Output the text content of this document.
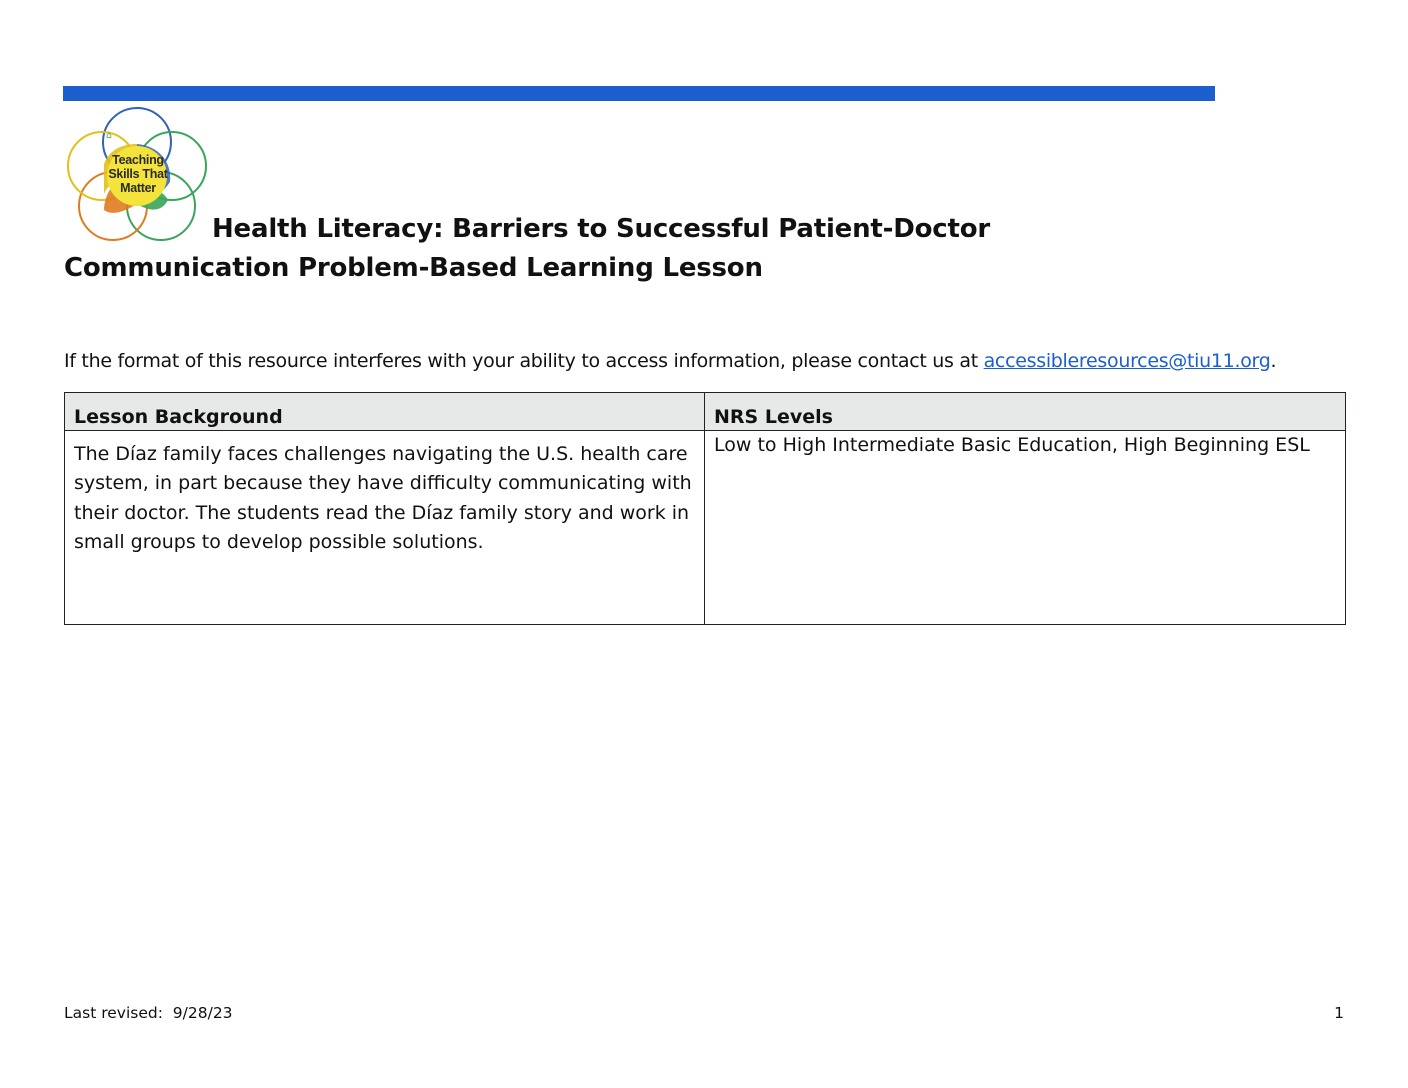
⌂
Teaching
Skills That
Matter
Health Literacy: Barriers to Successful Patient-Doctor
Communication Problem-Based Learning Lesson
If the format of this resource interferes with your ability to access information, please contact us at accessibleresources@tiu11.org.
Lesson Background	NRS Levels
The Díaz family faces challenges navigating the U.S. health care system, in part because they have difficulty communicating with their doctor. The students read the Díaz family story and work in small groups to develop possible solutions.	Low to High Intermediate Basic Education, High Beginning ESL
Last revised:  9/28/23	1
